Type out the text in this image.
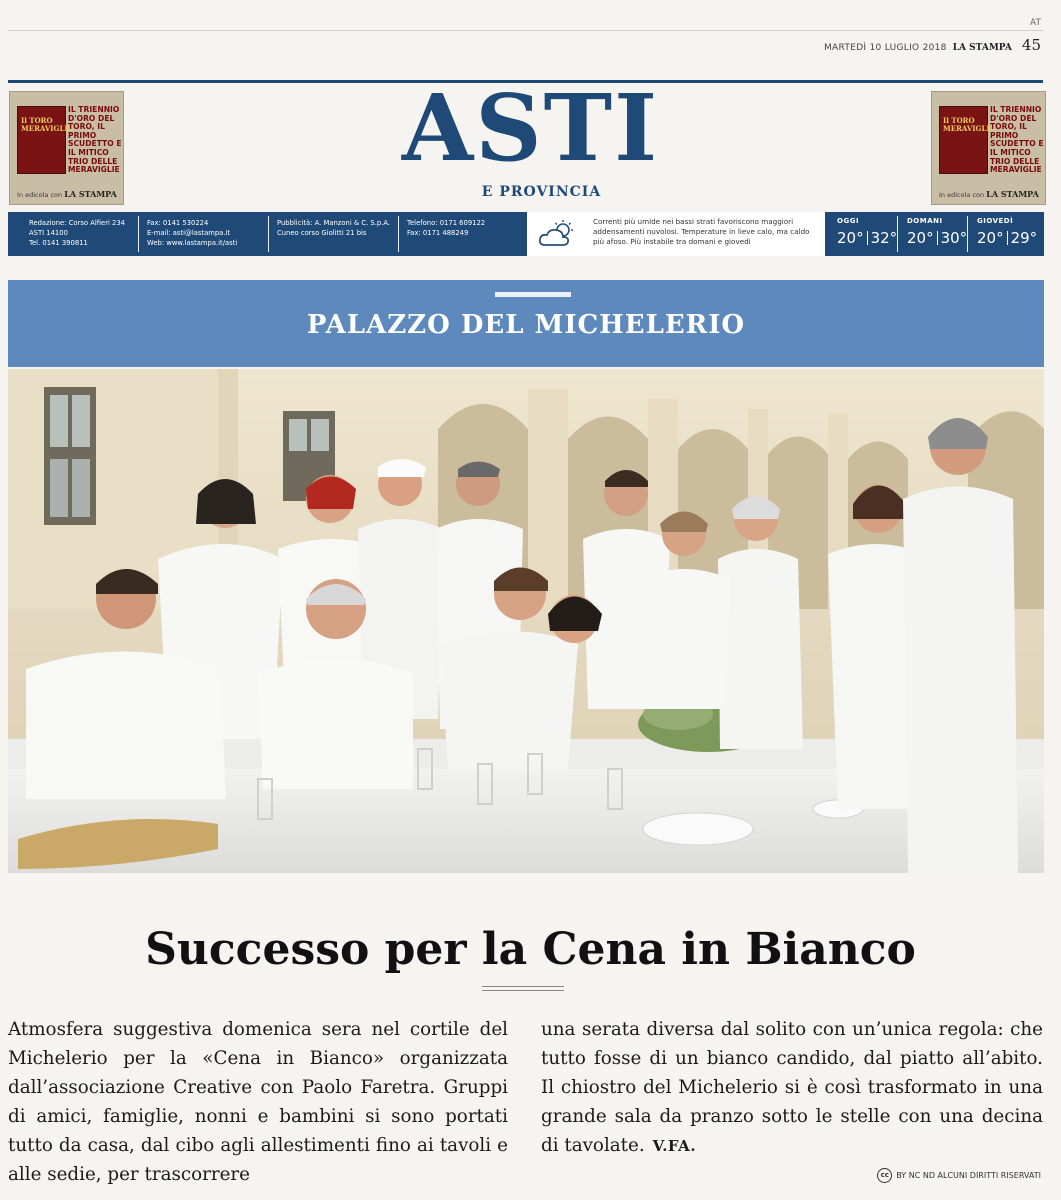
AT
MARTEDÌ 10 LUGLIO 2018 LA STAMPA 45
Il TORO MERAVIGLIE
IL TRIENNIO D'ORO DEL TORO, IL PRIMO SCUDETTO E IL MITICO TRIO DELLE MERAVIGLIE
In edicola con LA STAMPA
Il TORO MERAVIGLIE
IL TRIENNIO D'ORO DEL TORO, IL PRIMO SCUDETTO E IL MITICO TRIO DELLE MERAVIGLIE
In edicola con LA STAMPA
ASTI
E PROVINCIA
Redazione: Corso Alfieri 234
ASTI 14100
Tel. 0141 390811
Fax: 0141 530224
E-mail: asti@lastampa.it
Web: www.lastampa.it/asti
Pubblicità: A. Manzoni & C. S.p.A.
Cuneo corso Giolitti 21 bis
Telefono: 0171 609122
Fax: 0171 488249
Correnti più umide nei bassi strati favoriscono maggiori addensamenti nuvolosi. Temperature in lieve calo, ma caldo più afoso. Più instabile tra domani e giovedì
OGGI
20° 32°
DOMANI
20° 30°
GIOVEDÌ
20° 29°
PALAZZO DEL MICHELERIO
Successo per la Cena in Bianco
Atmosfera suggestiva domenica sera nel cortile del Michelerio per la «Cena in Bianco» organizzata dall’associazione Creative con Paolo Faretra. Gruppi di amici, famiglie, nonni e bambini si sono portati tutto da casa, dal cibo agli allestimenti fino ai tavoli e alle sedie, per trascorrere
una serata diversa dal solito con un’unica regola: che tutto fosse di un bianco candido, dal piatto all’abito. Il chiostro del Michelerio si è così trasformato in una grande sala da pranzo sotto le stelle con una decina di tavolate. V.FA.
cc BY NC ND ALCUNI DIRITTI RISERVATI
